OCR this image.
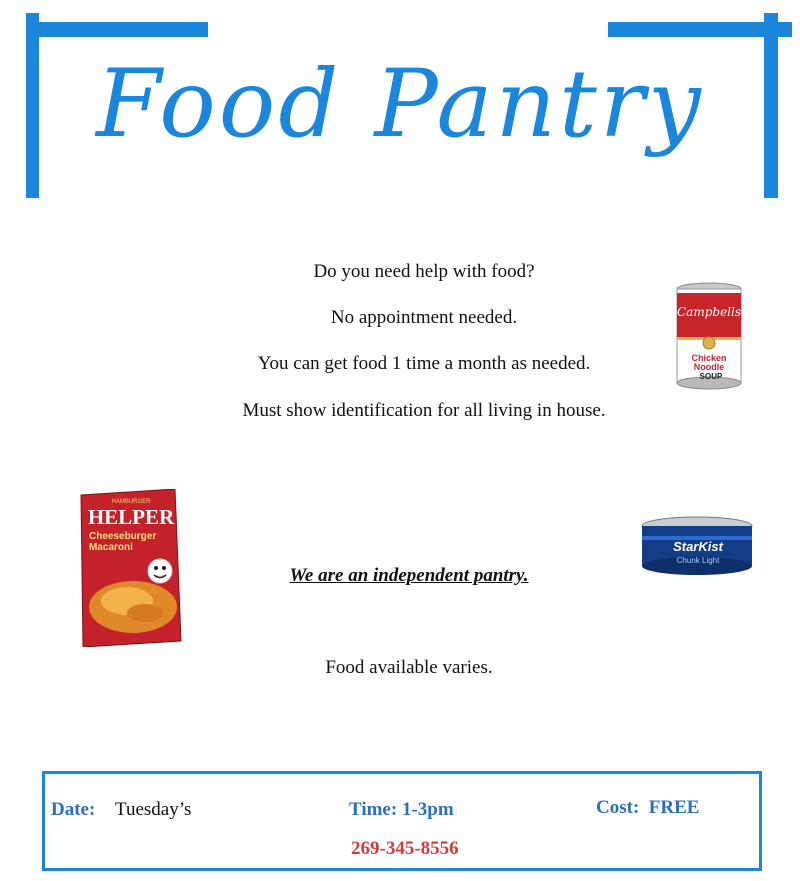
Food Pantry
Do you need help with food?
No appointment needed.
You can get food 1 time a month as needed.
Must show identification for all living in house.
We are an independent pantry.
Food available varies.
Campbells
Chicken
Noodle
SOUP
HAMBURGER
HELPER
Cheeseburger
Macaroni	StarKist
Chunk Light
Date: Tuesday’s	Time: 1-3pm	Cost:  FREE
269-345-8556
